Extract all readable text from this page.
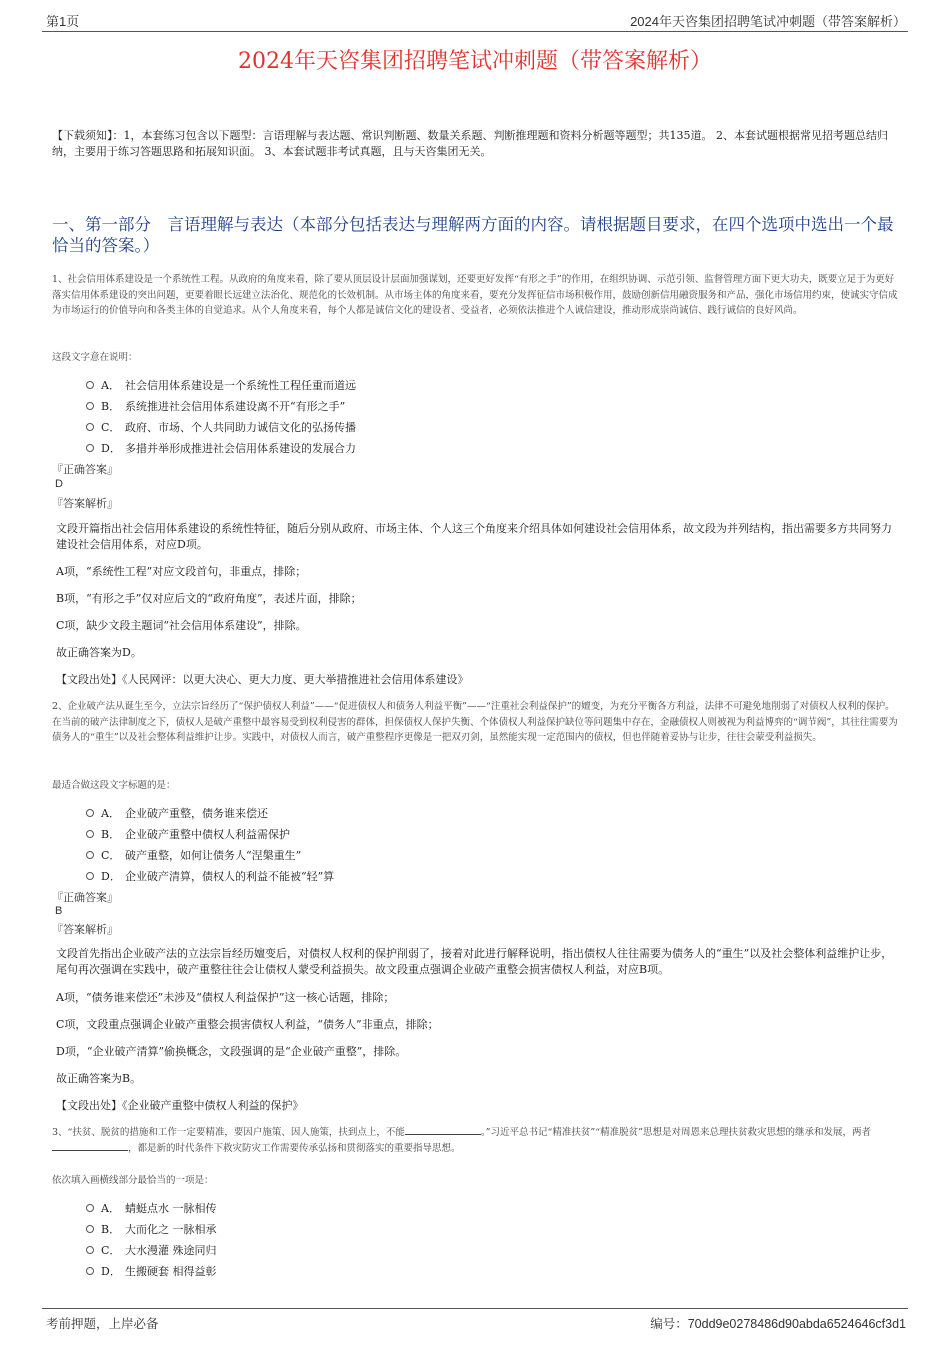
第1页	2024年天咨集团招聘笔试冲刺题（带答案解析）
2024年天咨集团招聘笔试冲刺题（带答案解析）
【下载须知】：1，本套练习包含以下题型：言语理解与表达题、常识判断题、数量关系题、判断推理题和资料分析题等题型；共135道。 2、本套试题根据常见招考题总结归纳，主要用于练习答题思路和拓展知识面。 3、本套试题非考试真题，且与天咨集团无关。
一、第一部分　言语理解与表达（本部分包括表达与理解两方面的内容。请根据题目要求，在四个选项中选出一个最恰当的答案。）
1、社会信用体系建设是一个系统性工程。从政府的角度来看，除了要从顶层设计层面加强谋划，还要更好发挥“有形之手”的作用，在组织协调、示范引领、监督管理方面下更大功夫，既要立足于为更好落实信用体系建设的突出问题，更要着眼长远建立法治化、规范化的长效机制。从市场主体的角度来看，要充分发挥征信市场积极作用，鼓励创新信用融资服务和产品，强化市场信用约束，使诚实守信成为市场运行的价值导向和各类主体的自觉追求。从个人角度来看，每个人都是诚信文化的建设者、受益者，必须依法推进个人诚信建设，推动形成崇尚诚信、践行诚信的良好风尚。
这段文字意在说明：
A． 社会信用体系建设是一个系统性工程任重而道远
B． 系统推进社会信用体系建设离不开“有形之手”
C． 政府、市场、个人共同助力诚信文化的弘扬传播
D． 多措并举形成推进社会信用体系建设的发展合力
『正确答案』
D
『答案解析』
文段开篇指出社会信用体系建设的系统性特征，随后分别从政府、市场主体、个人这三个角度来介绍具体如何建设社会信用体系，故文段为并列结构，指出需要多方共同努力建设社会信用体系，对应D项。
A项，“系统性工程”对应文段首句，非重点，排除；
B项，“有形之手”仅对应后文的“政府角度”，表述片面，排除；
C项，缺少文段主题词“社会信用体系建设”，排除。
故正确答案为D。
【文段出处】《人民网评：以更大决心、更大力度、更大举措推进社会信用体系建设》
2、企业破产法从诞生至今，立法宗旨经历了“保护债权人利益”——“促进债权人和债务人利益平衡”——“注重社会利益保护”的嬗变，为充分平衡各方利益，法律不可避免地削弱了对债权人权利的保护。在当前的破产法律制度之下，债权人是破产重整中最容易受到权利侵害的群体，担保债权人保护失衡、个体债权人利益保护缺位等问题集中存在，金融债权人则被视为利益博弈的“调节阀”，其往往需要为债务人的“重生”以及社会整体利益维护让步。实践中，对债权人而言，破产重整程序更像是一把双刃剑，虽然能实现一定范围内的债权，但也伴随着妥协与让步，往往会蒙受利益损失。
最适合做这段文字标题的是：
A． 企业破产重整，债务谁来偿还
B． 企业破产重整中债权人利益需保护
C． 破产重整，如何让债务人“涅槃重生”
D． 企业破产清算，债权人的利益不能被“轻”算
『正确答案』
B
『答案解析』
文段首先指出企业破产法的立法宗旨经历嬗变后，对债权人权利的保护削弱了，接着对此进行解释说明，指出债权人往往需要为债务人的“重生”以及社会整体利益维护让步，尾句再次强调在实践中，破产重整往往会让债权人蒙受利益损失。故文段重点强调企业破产重整会损害债权人利益，对应B项。
A项，“债务谁来偿还”未涉及“债权人利益保护”这一核心话题，排除；
C项，文段重点强调企业破产重整会损害债权人利益，“债务人”非重点，排除；
D项，“企业破产清算”偷换概念，文段强调的是“企业破产重整”，排除。
故正确答案为B。
【文段出处】《企业破产重整中债权人利益的保护》
3、“扶贫、脱贫的措施和工作一定要精准，要因户施策、因人施策，扶到点上，不能	。”习近平总书记“精准扶贫”“精准脱贫”思想是对周恩来总理扶贫救灾思想的继承和发展，两者，都是新的时代条件下救灾防灾工作需要传承弘扬和贯彻落实的重要指导思想。
依次填入画横线部分最恰当的一项是：
A． 蜻蜓点水 一脉相传
B． 大而化之 一脉相承
C． 大水漫灌 殊途同归
D． 生搬硬套 相得益彰
考前押题，上岸必备	编号：70dd9e0278486d90abda6524646cf3d1
